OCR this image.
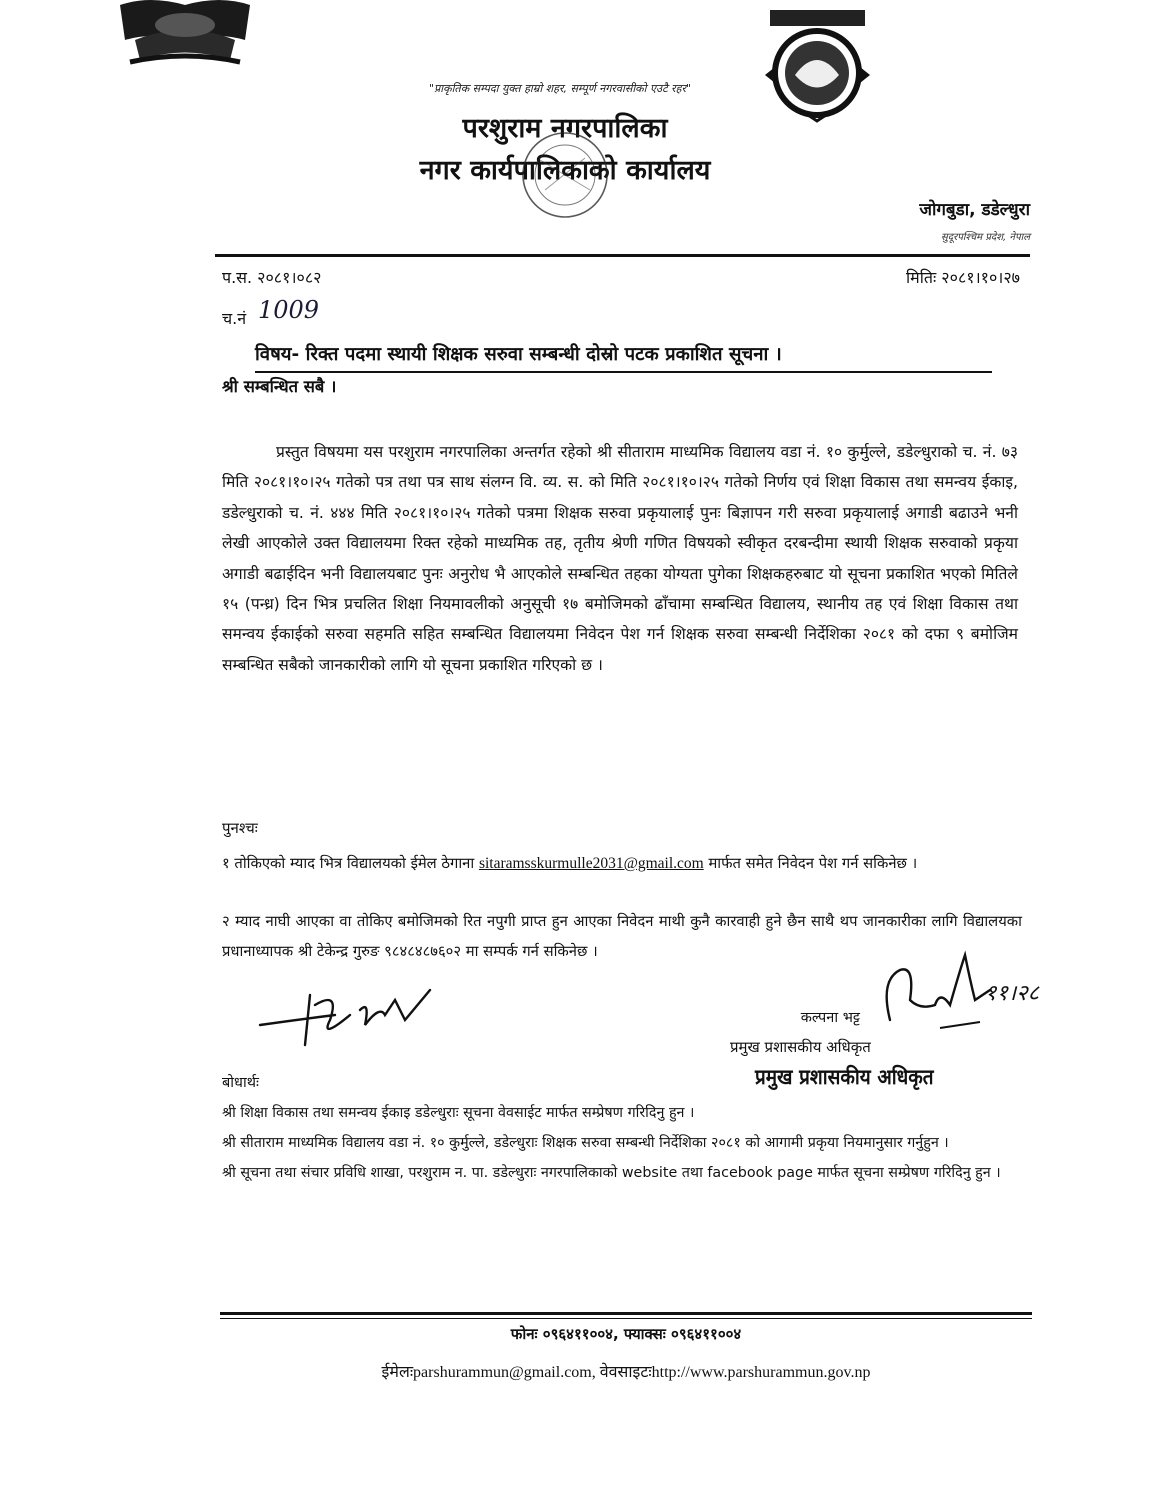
"प्राकृतिक सम्पदा युक्त हाम्रो शहर, सम्पूर्ण नगरवासीको एउटै रहर"
परशुराम नगरपालिका
नगर कार्यपालिकाको कार्यालय
जोगबुडा, डडेल्धुरा
सुदूरपश्चिम प्रदेश, नेपाल
प.स. २०८१।०८२	मितिः २०८१।१०।२७
च.नं 1009
विषय- रिक्त पदमा स्थायी शिक्षक सरुवा सम्बन्धी दोस्रो पटक प्रकाशित सूचना ।
श्री सम्बन्धित सबै ।
प्रस्तुत विषयमा यस परशुराम नगरपालिका अन्तर्गत रहेको श्री सीताराम माध्यमिक विद्यालय वडा नं. १० कुर्मुल्ले, डडेल्धुराको च. नं. ७३ मिति २०८१।१०।२५ गतेको पत्र तथा पत्र साथ संलग्न वि. व्य. स. को मिति २०८१।१०।२५ गतेको निर्णय एवं शिक्षा विकास तथा समन्वय ईकाइ, डडेल्धुराको च. नं. ४४४ मिति २०८१।१०।२५ गतेको पत्रमा शिक्षक सरुवा प्रकृयालाई पुनः बिज्ञापन गरी सरुवा प्रकृयालाई अगाडी बढाउने भनी लेखी आएकोले उक्त विद्यालयमा रिक्त रहेको माध्यमिक तह, तृतीय श्रेणी गणित विषयको स्वीकृत दरबन्दीमा स्थायी शिक्षक सरुवाको प्रकृया अगाडी बढाईदिन भनी विद्यालयबाट पुनः अनुरोध भै आएकोले सम्बन्धित तहका योग्यता पुगेका शिक्षकहरुबाट यो सूचना प्रकाशित भएको मितिले १५ (पन्ध्र) दिन भित्र प्रचलित शिक्षा नियमावलीको अनुसूची १७ बमोजिमको ढाँचामा सम्बन्धित विद्यालय, स्थानीय तह एवं शिक्षा विकास तथा समन्वय ईकाईको सरुवा सहमति सहित सम्बन्धित विद्यालयमा निवेदन पेश गर्न शिक्षक सरुवा सम्बन्धी निर्देशिका २०८१ को दफा ९ बमोजिम सम्बन्धित सबैको जानकारीको लागि यो सूचना प्रकाशित गरिएको छ ।
पुनश्चः
१ तोकिएको म्याद भित्र विद्यालयको ईमेल ठेगाना sitaramsskurmulle2031@gmail.com मार्फत समेत निवेदन पेश गर्न सकिनेछ ।
२ म्याद नाघी आएका वा तोकिए बमोजिमको रित नपुगी प्राप्त हुन आएका निवेदन माथी कुनै कारवाही हुने छैन साथै थप जानकारीका लागि विद्यालयका प्रधानाध्यापक श्री टेकेन्द्र गुरुङ ९८४८४८७६०२ मा सम्पर्क गर्न सकिनेछ ।
११।२८
कल्पना भट्ट
प्रमुख प्रशासकीय अधिकृत
प्रमुख प्रशासकीय अधिकृत
बोधार्थः
श्री शिक्षा विकास तथा समन्वय ईकाइ डडेल्धुराः सूचना वेवसाईट मार्फत सम्प्रेषण गरिदिनु हुन ।
श्री सीताराम माध्यमिक विद्यालय वडा नं. १० कुर्मुल्ले, डडेल्धुराः शिक्षक सरुवा सम्बन्धी निर्देशिका २०८१ को आगामी प्रकृया नियमानुसार गर्नुहुन ।
श्री सूचना तथा संचार प्रविधि शाखा, परशुराम न. पा. डडेल्धुराः नगरपालिकाको website तथा facebook page मार्फत सूचना सम्प्रेषण गरिदिनु हुन ।
फोनः ०९६४११००४, फ्याक्सः ०९६४११००४
ईमेलःparshurammun@gmail.com, वेवसाइटःhttp://www.parshurammun.gov.np
